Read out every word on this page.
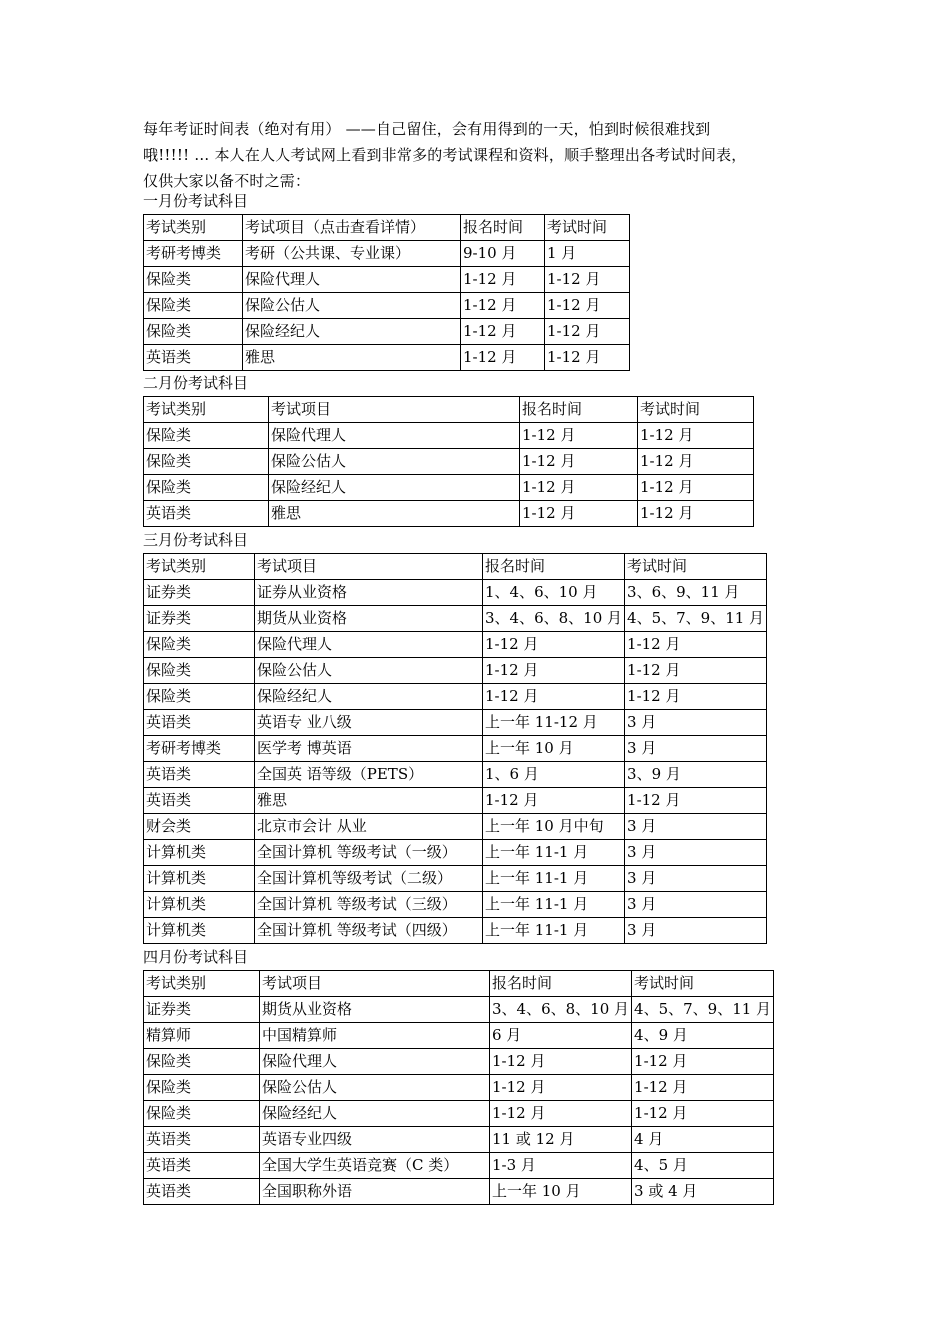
每年考证时间表（绝对有用） ——自己留住，会有用得到的一天，怕到时候很难找到

哦!!!!! … 本人在人人考试网上看到非常多的考试课程和资料，顺手整理出各考试时间表，

仅供大家以备不时之需：

一月份考试科目
考试类别	考试项目（点击查看详情）	报名时间	考试时间
考研考博类	考研（公共课、专业课）	9-10 月	1 月
保险类	保险代理人	1-12 月	1-12 月
保险类	保险公估人	1-12 月	1-12 月
保险类	保险经纪人	1-12 月	1-12 月
英语类	雅思	1-12 月	1-12 月
二月份考试科目
考试类别	考试项目	报名时间	考试时间
保险类	保险代理人	1-12 月	1-12 月
保险类	保险公估人	1-12 月	1-12 月
保险类	保险经纪人	1-12 月	1-12 月
英语类	雅思	1-12 月	1-12 月
三月份考试科目
考试类别	考试项目	报名时间	考试时间
证券类	证券从业资格	1、4、6、10 月	3、6、9、11 月
证券类	期货从业资格	3、4、6、8、10 月	4、5、7、9、11 月
保险类	保险代理人	1-12 月	1-12 月
保险类	保险公估人	1-12 月	1-12 月
保险类	保险经纪人	1-12 月	1-12 月
英语类	英语专 业八级	上一年 11-12 月	3 月
考研考博类	医学考 博英语	上一年 10 月	3 月
英语类	全国英 语等级（PETS）	1、6 月	3、9 月
英语类	雅思	1-12 月	1-12 月
财会类	北京市会计 从业	上一年 10 月中旬	3 月
计算机类	全国计算机 等级考试（一级）	上一年 11-1 月	3 月
计算机类	全国计算机等级考试（二级）	上一年 11-1 月	3 月
计算机类	全国计算机 等级考试（三级）	上一年 11-1 月	3 月
计算机类	全国计算机 等级考试（四级）	上一年 11-1 月	3 月
四月份考试科目
考试类别	考试项目	报名时间	考试时间
证券类	期货从业资格	3、4、6、8、10 月	4、5、7、9、11 月
精算师	中国精算师	6 月	4、9 月
保险类	保险代理人	1-12 月	1-12 月
保险类	保险公估人	1-12 月	1-12 月
保险类	保险经纪人	1-12 月	1-12 月
英语类	英语专业四级	11 或 12 月	4 月
英语类	全国大学生英语竞赛（C 类）	1-3 月	4、5 月
英语类	全国职称外语	上一年 10 月	3 或 4 月
